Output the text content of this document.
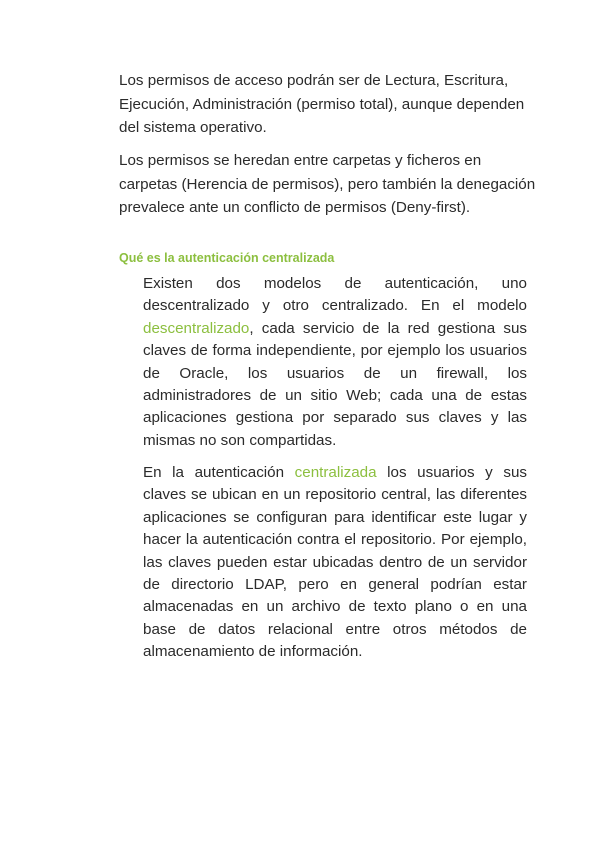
Los permisos de acceso podrán ser de Lectura, Escritura, Ejecución, Administración (permiso total), aunque dependen del sistema operativo.

Los permisos se heredan entre carpetas y ficheros en carpetas (Herencia de permisos), pero también la denegación prevalece ante un conflicto de permisos (Deny-first).

Qué es la autenticación centralizada

Existen dos modelos de autenticación, uno descentralizado y otro centralizado. En el modelo descentralizado, cada servicio de la red gestiona sus claves de forma independiente, por ejemplo los usuarios de Oracle, los usuarios de un firewall, los administradores de un sitio Web; cada una de estas aplicaciones gestiona por separado sus claves y las mismas no son compartidas.

En la autenticación centralizada los usuarios y sus claves se ubican en un repositorio central, las diferentes aplicaciones se configuran para identificar este lugar y hacer la autenticación contra el repositorio. Por ejemplo, las claves pueden estar ubicadas dentro de un servidor de directorio LDAP, pero en general podrían estar almacenadas en un archivo de texto plano o en una base de datos relacional entre otros métodos de almacenamiento de información.
